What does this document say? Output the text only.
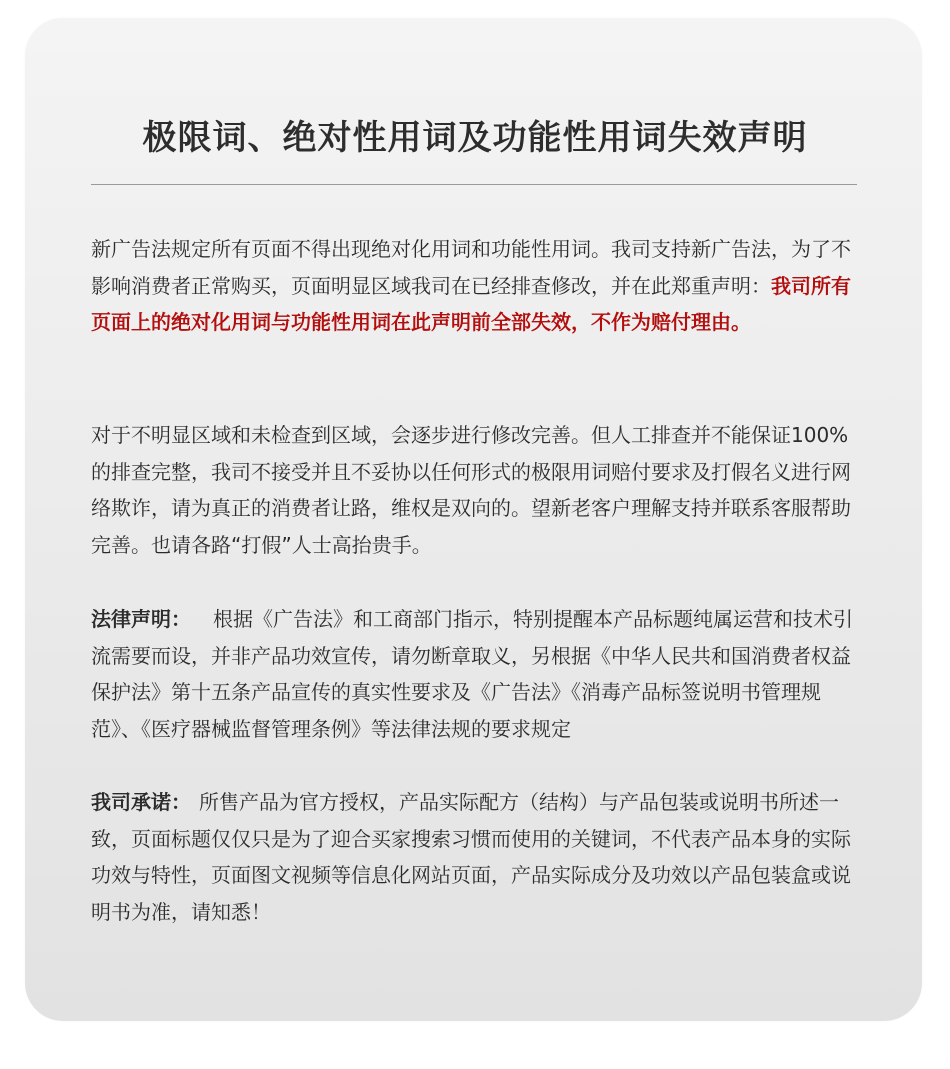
极限词、绝对性用词及功能性用词失效声明

新广告法规定所有页面不得出现绝对化用词和功能性用词。我司支持新广告法，为了不影响消费者正常购买，页面明显区域我司在已经排查修改，并在此郑重声明：我司所有页面上的绝对化用词与功能性用词在此声明前全部失效，不作为赔付理由。

对于不明显区域和未检查到区域，会逐步进行修改完善。但人工排查并不能保证100%的排查完整，我司不接受并且不妥协以任何形式的极限用词赔付要求及打假名义进行网络欺诈，请为真正的消费者让路，维权是双向的。望新老客户理解支持并联系客服帮助完善。也请各路“打假”人士高抬贵手。

法律声明： 根据《广告法》和工商部门指示，特别提醒本产品标题纯属运营和技术引流需要而设，并非产品功效宣传，请勿断章取义，另根据《中华人民共和国消费者权益保护法》第十五条产品宣传的真实性要求及《广告法》《消毒产品标签说明书管理规范》、《医疗器械监督管理条例》等法律法规的要求规定

我司承诺： 所售产品为官方授权，产品实际配方（结构）与产品包装或说明书所述一致，页面标题仅仅只是为了迎合买家搜索习惯而使用的关键词，不代表产品本身的实际功效与特性，页面图文视频等信息化网站页面，产品实际成分及功效以产品包装盒或说明书为准，请知悉！
